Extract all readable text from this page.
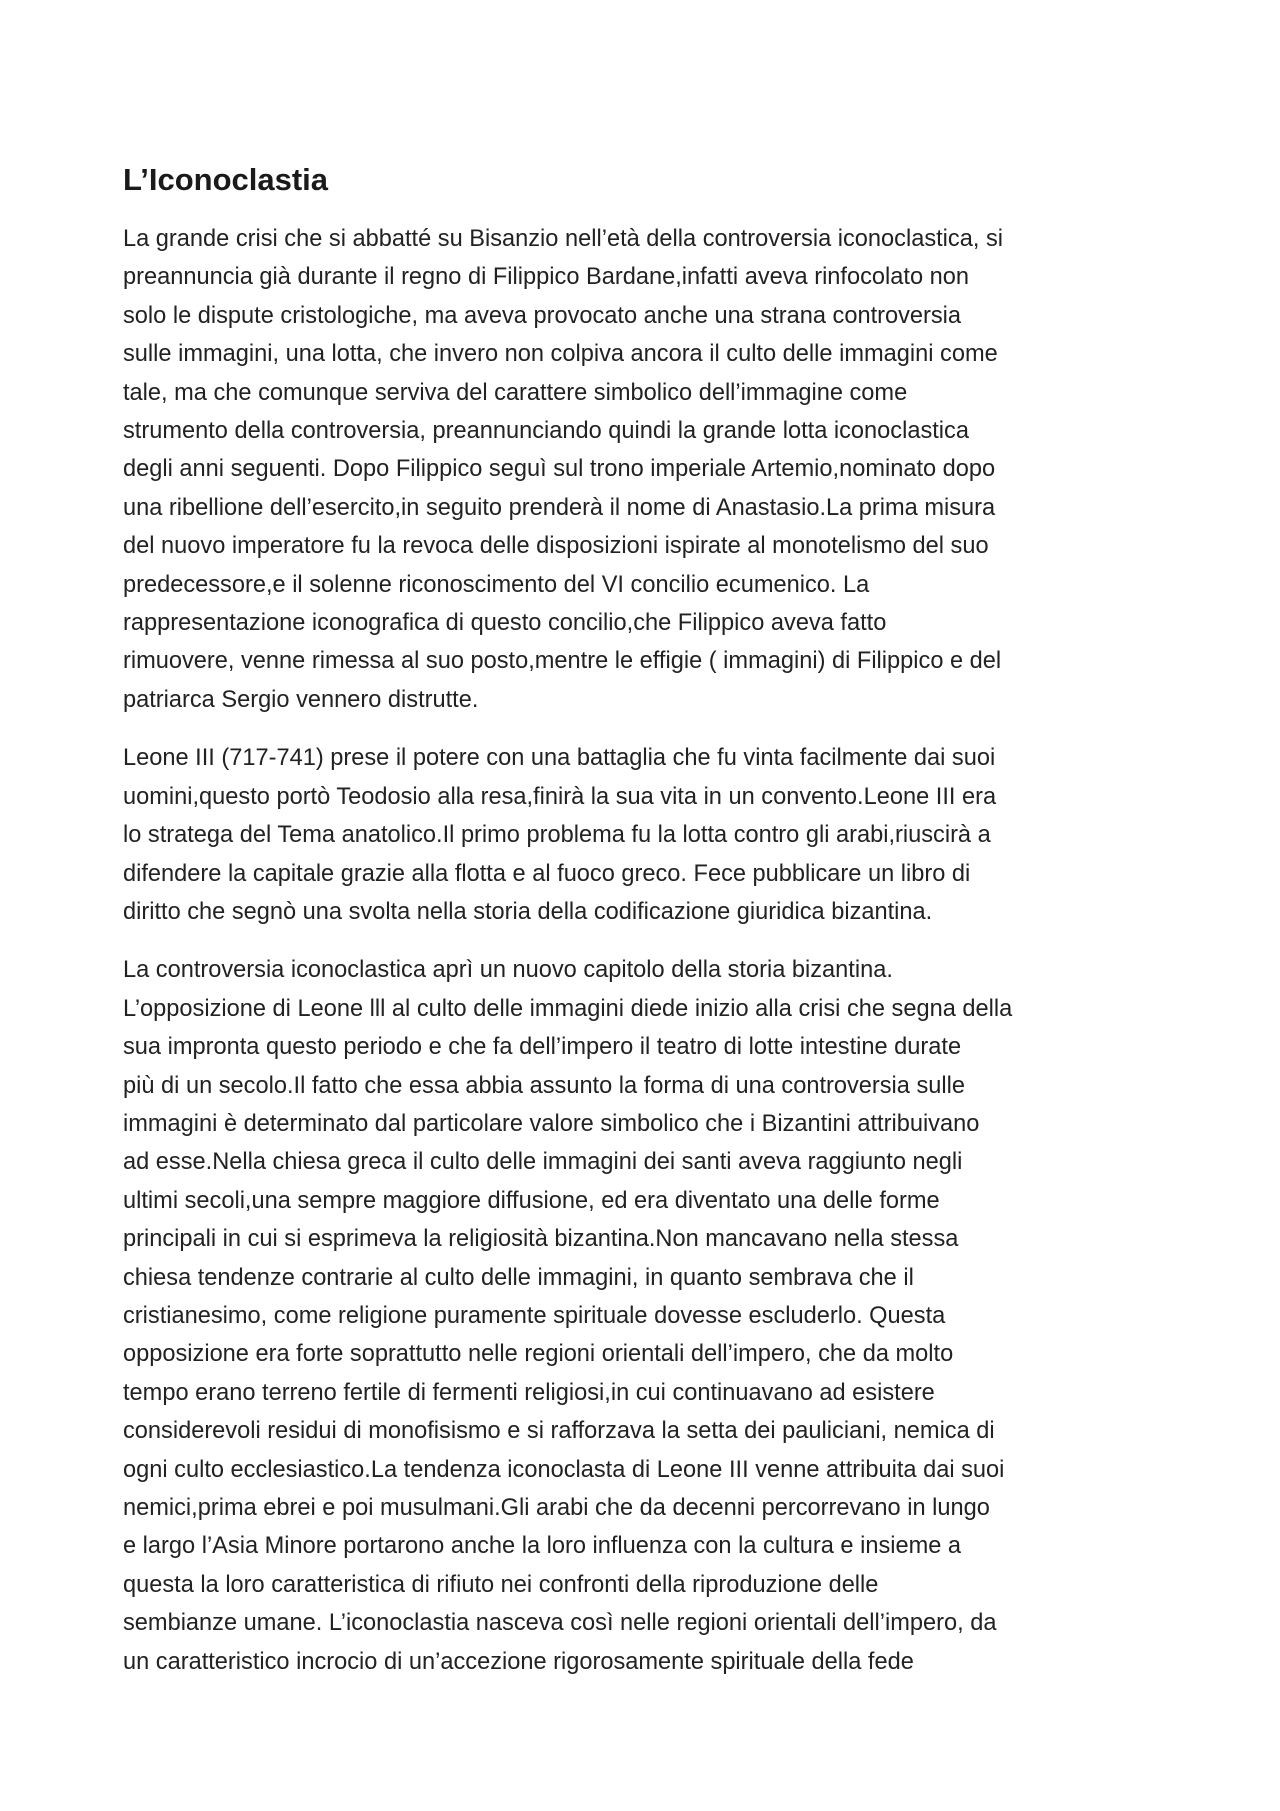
L’Iconoclastia
La grande crisi che si abbatté su Bisanzio nell’età della controversia iconoclastica, si
preannuncia già durante il regno di Filippico Bardane,infatti aveva rinfocolato non
solo le dispute cristologiche, ma aveva provocato anche una strana controversia
sulle immagini, una lotta, che invero non colpiva ancora il culto delle immagini come
tale, ma che comunque serviva del carattere simbolico dell’immagine come
strumento della controversia, preannunciando quindi la grande lotta iconoclastica
degli anni seguenti. Dopo Filippico seguì sul trono imperiale Artemio,nominato dopo
una ribellione dell’esercito,in seguito prenderà il nome di Anastasio.La prima misura
del nuovo imperatore fu la revoca delle disposizioni ispirate al monotelismo del suo
predecessore,e il solenne riconoscimento del VI concilio ecumenico. La
rappresentazione iconografica di questo concilio,che Filippico aveva fatto
rimuovere, venne rimessa al suo posto,mentre le effigie ( immagini) di Filippico e del
patriarca Sergio vennero distrutte.
Leone III (717-741) prese il potere con una battaglia che fu vinta facilmente dai suoi
uomini,questo portò Teodosio alla resa,finirà la sua vita in un convento.Leone III era
lo stratega del Tema anatolico.Il primo problema fu la lotta contro gli arabi,riuscirà a
difendere la capitale grazie alla flotta e al fuoco greco. Fece pubblicare un libro di
diritto che segnò una svolta nella storia della codificazione giuridica bizantina.
La controversia iconoclastica aprì un nuovo capitolo della storia bizantina.
L’opposizione di Leone lll al culto delle immagini diede inizio alla crisi che segna della
sua impronta questo periodo e che fa dell’impero il teatro di lotte intestine durate
più di un secolo.Il fatto che essa abbia assunto la forma di una controversia sulle
immagini è determinato dal particolare valore simbolico che i Bizantini attribuivano
ad esse.Nella chiesa greca il culto delle immagini dei santi aveva raggiunto negli
ultimi secoli,una sempre maggiore diffusione, ed era diventato una delle forme
principali in cui si esprimeva la religiosità bizantina.Non mancavano nella stessa
chiesa tendenze contrarie al culto delle immagini, in quanto sembrava che il
cristianesimo, come religione puramente spirituale dovesse escluderlo. Questa
opposizione era forte soprattutto nelle regioni orientali dell’impero, che da molto
tempo erano terreno fertile di fermenti religiosi,in cui continuavano ad esistere
considerevoli residui di monofisismo e si rafforzava la setta dei pauliciani, nemica di
ogni culto ecclesiastico.La tendenza iconoclasta di Leone III venne attribuita dai suoi
nemici,prima ebrei e poi musulmani.Gli arabi che da decenni percorrevano in lungo
e largo l’Asia Minore portarono anche la loro influenza con la cultura e insieme a
questa la loro caratteristica di rifiuto nei confronti della riproduzione delle
sembianze umane. L’iconoclastia nasceva così nelle regioni orientali dell’impero, da
un caratteristico incrocio di un’accezione rigorosamente spirituale della fede
